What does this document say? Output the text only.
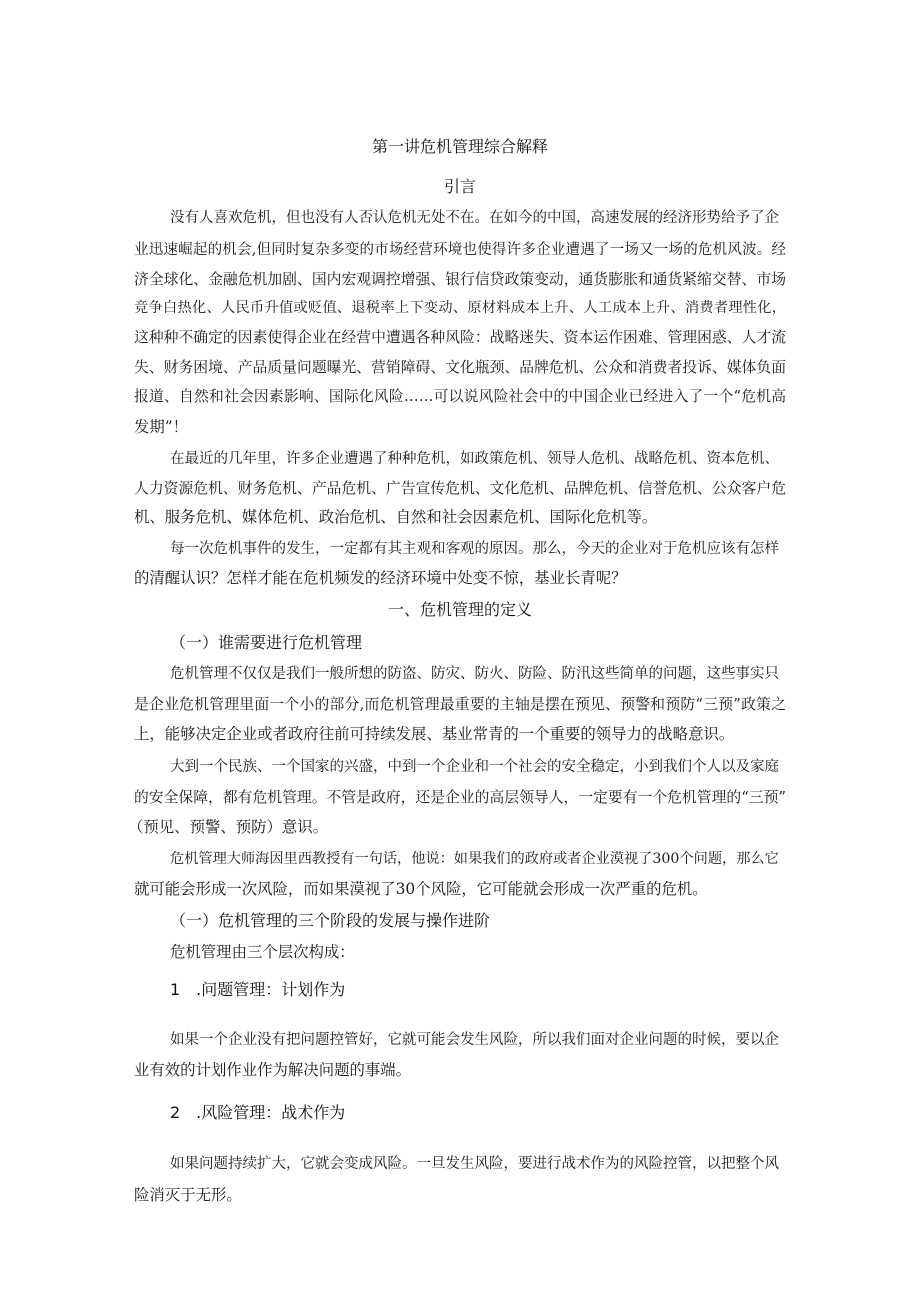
第一讲危机管理综合解释
引言
没有人喜欢危机，但也没有人否认危机无处不在。在如今的中国，高速发展的经济形势给予了企
业迅速崛起的机会,但同时复杂多变的市场经营环境也使得许多企业遭遇了一场又一场的危机风波。经
济全球化、金融危机加剧、国内宏观调控增强、银行信贷政策变动，通货膨胀和通货紧缩交替、市场
竞争白热化、人民币升值或贬值、退税率上下变动、原材料成本上升、人工成本上升、消费者理性化，
这种种不确定的因素使得企业在经营中遭遇各种风险：战略迷失、资本运作困难、管理困惑、人才流
失、财务困境、产品质量问题曝光、营销障碍、文化瓶颈、品牌危机、公众和消费者投诉、媒体负面
报道、自然和社会因素影响、国际化风险……可以说风险社会中的中国企业已经进入了一个“危机高
发期”！
在最近的几年里，许多企业遭遇了种种危机，如政策危机、领导人危机、战略危机、资本危机、
人力资源危机、财务危机、产品危机、广告宣传危机、文化危机、品牌危机、信誉危机、公众客户危
机、服务危机、媒体危机、政治危机、自然和社会因素危机、国际化危机等。
每一次危机事件的发生，一定都有其主观和客观的原因。那么，今天的企业对于危机应该有怎样
的清醒认识？怎样才能在危机频发的经济环境中处变不惊，基业长青呢？
一、危机管理的定义
（一）谁需要进行危机管理
危机管理不仅仅是我们一般所想的防盗、防灾、防火、防险、防汛这些简单的问题，这些事实只
是企业危机管理里面一个小的部分,而危机管理最重要的主轴是摆在预见、预警和预防“三预”政策之
上，能够决定企业或者政府往前可持续发展、基业常青的一个重要的领导力的战略意识。
大到一个民族、一个国家的兴盛，中到一个企业和一个社会的安全稳定，小到我们个人以及家庭
的安全保障，都有危机管理。不管是政府，还是企业的高层领导人，一定要有一个危机管理的“三预”
（预见、预警、预防）意识。
危机管理大师海因里西教授有一句话，他说：如果我们的政府或者企业漠视了300个问题，那么它
就可能会形成一次风险，而如果漠视了30个风险，它可能就会形成一次严重的危机。
（一）危机管理的三个阶段的发展与操作进阶
危机管理由三个层次构成：
1　.问题管理：计划作为
如果一个企业没有把问题控管好，它就可能会发生风险，所以我们面对企业问题的时候，要以企
业有效的计划作业作为解决问题的事端。
2　.风险管理：战术作为
如果问题持续扩大，它就会变成风险。一旦发生风险，要进行战术作为的风险控管，以把整个风
险消灭于无形。
